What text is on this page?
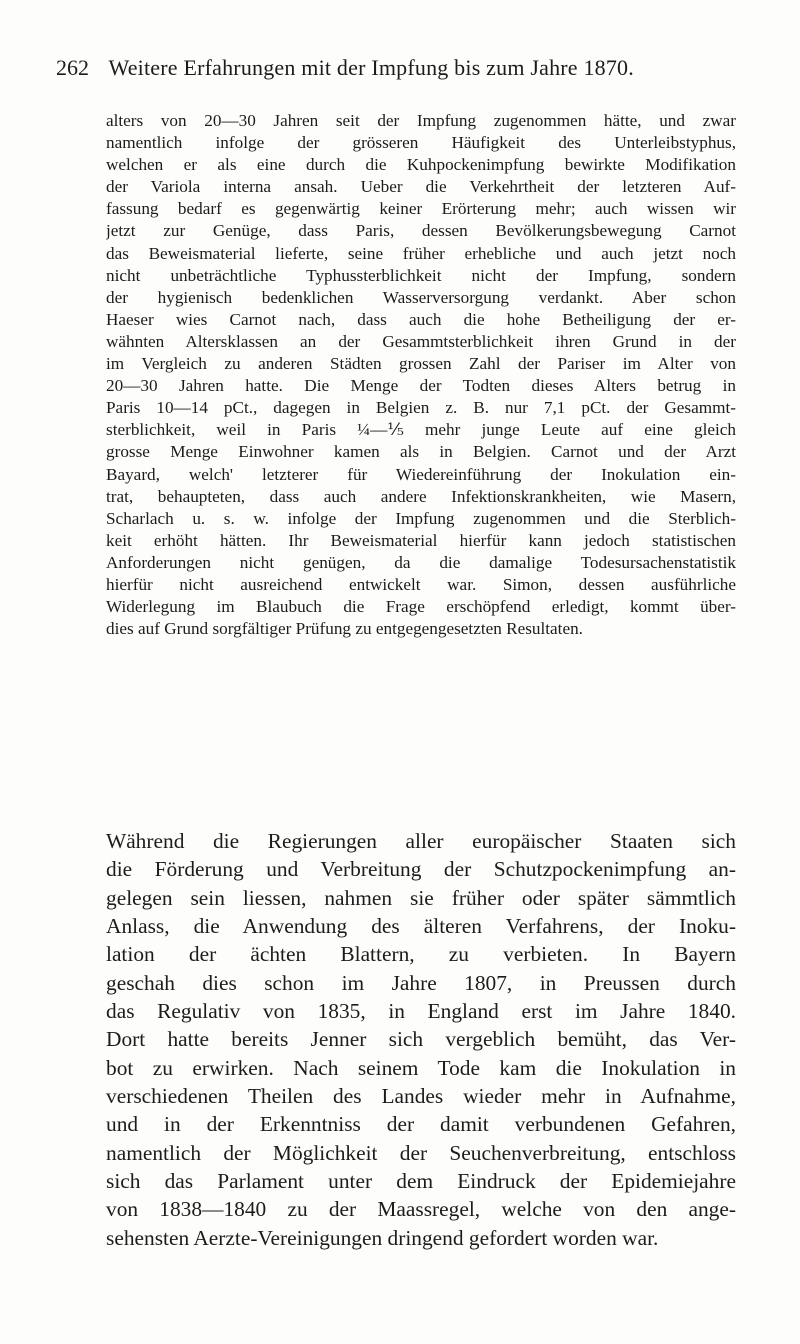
262 Weitere Erfahrungen mit der Impfung bis zum Jahre 1870.
alters von 20—30 Jahren seit der Impfung zugenommen hätte, und zwar
namentlich infolge der grösseren Häufigkeit des Unterleibstyphus,
welchen er als eine durch die Kuhpockenimpfung bewirkte Modifikation
der Variola interna ansah. Ueber die Verkehrtheit der letzteren Auf-
fassung bedarf es gegenwärtig keiner Erörterung mehr; auch wissen wir
jetzt zur Genüge, dass Paris, dessen Bevölkerungsbewegung Carnot
das Beweismaterial lieferte, seine früher erhebliche und auch jetzt noch
nicht unbeträchtliche Typhussterblichkeit nicht der Impfung, sondern
der hygienisch bedenklichen Wasserversorgung verdankt. Aber schon
Haeser wies Carnot nach, dass auch die hohe Betheiligung der er-
wähnten Altersklassen an der Gesammtsterblichkeit ihren Grund in der
im Vergleich zu anderen Städten grossen Zahl der Pariser im Alter von
20—30 Jahren hatte. Die Menge der Todten dieses Alters betrug in
Paris 10—14 pCt., dagegen in Belgien z. B. nur 7,1 pCt. der Gesammt-
sterblichkeit, weil in Paris ¼—⅕ mehr junge Leute auf eine gleich
grosse Menge Einwohner kamen als in Belgien. Carnot und der Arzt
Bayard, welch' letzterer für Wiedereinführung der Inokulation ein-
trat, behaupteten, dass auch andere Infektionskrankheiten, wie Masern,
Scharlach u. s. w. infolge der Impfung zugenommen und die Sterblich-
keit erhöht hätten. Ihr Beweismaterial hierfür kann jedoch statistischen
Anforderungen nicht genügen, da die damalige Todesursachenstatistik
hierfür nicht ausreichend entwickelt war. Simon, dessen ausführliche
Widerlegung im Blaubuch die Frage erschöpfend erledigt, kommt über-
dies auf Grund sorgfältiger Prüfung zu entgegengesetzten Resultaten.
Während die Regierungen aller europäischer Staaten sich
die Förderung und Verbreitung der Schutzpockenimpfung an-
gelegen sein liessen, nahmen sie früher oder später sämmtlich
Anlass, die Anwendung des älteren Verfahrens, der Inoku-
lation der ächten Blattern, zu verbieten. In Bayern
geschah dies schon im Jahre 1807, in Preussen durch
das Regulativ von 1835, in England erst im Jahre 1840.
Dort hatte bereits Jenner sich vergeblich bemüht, das Ver-
bot zu erwirken. Nach seinem Tode kam die Inokulation in
verschiedenen Theilen des Landes wieder mehr in Aufnahme,
und in der Erkenntniss der damit verbundenen Gefahren,
namentlich der Möglichkeit der Seuchenverbreitung, entschloss
sich das Parlament unter dem Eindruck der Epidemiejahre
von 1838—1840 zu der Maassregel, welche von den ange-
sehensten Aerzte-Vereinigungen dringend gefordert worden war.
